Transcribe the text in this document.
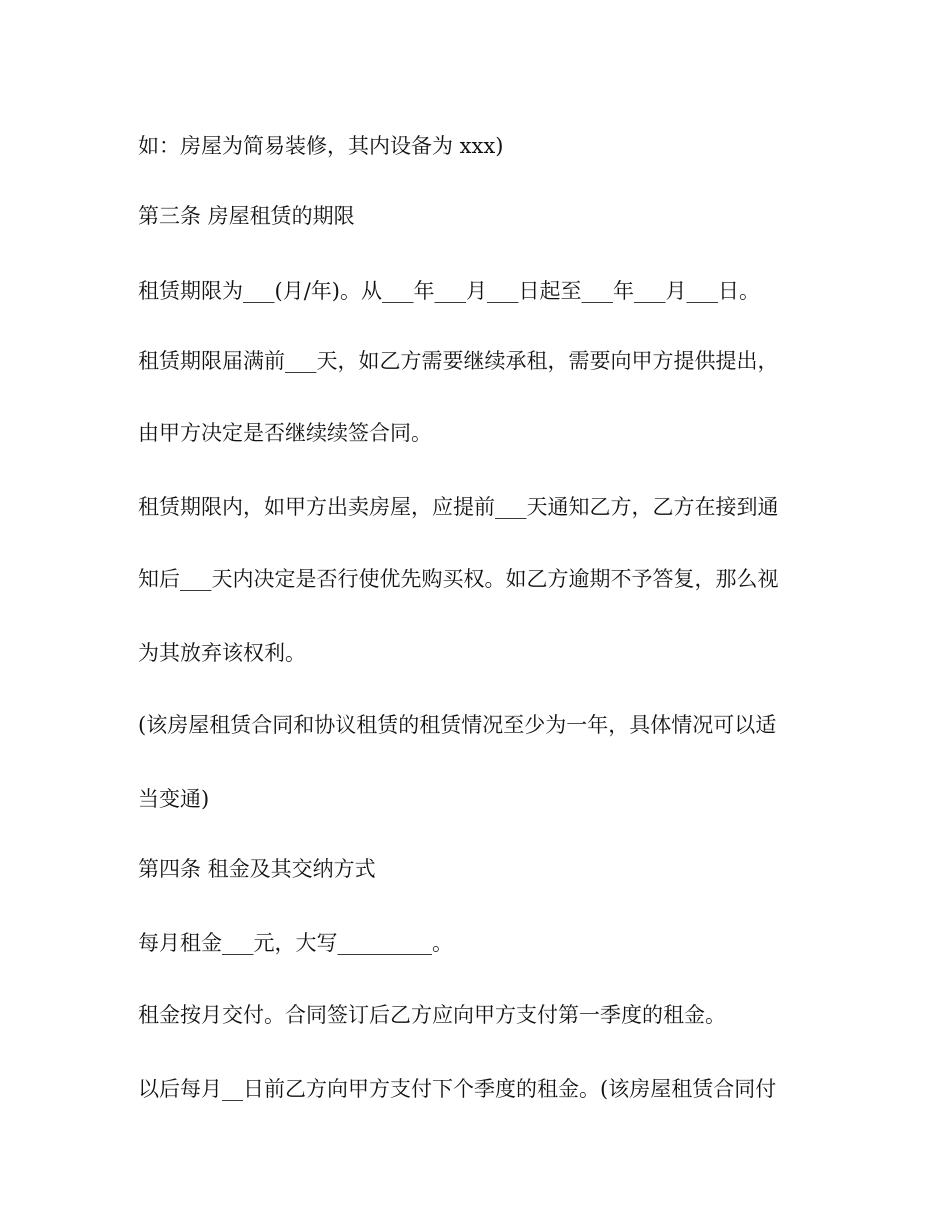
如：房屋为简易装修，其内设备为 xxx)
第三条 房屋租赁的期限
租赁期限为___(月/年)。从___年___月___日起至___年___月___日。
租赁期限届满前___天，如乙方需要继续承租，需要向甲方提供提出，
由甲方决定是否继续续签合同。
租赁期限内，如甲方出卖房屋，应提前___天通知乙方，乙方在接到通
知后___天内决定是否行使优先购买权。如乙方逾期不予答复，那么视
为其放弃该权利。
(该房屋租赁合同和协议租赁的租赁情况至少为一年，具体情况可以适
当变通)
第四条 租金及其交纳方式
每月租金___元，大写_________。
租金按月交付。合同签订后乙方应向甲方支付第一季度的租金。
以后每月__日前乙方向甲方支付下个季度的租金。(该房屋租赁合同付
